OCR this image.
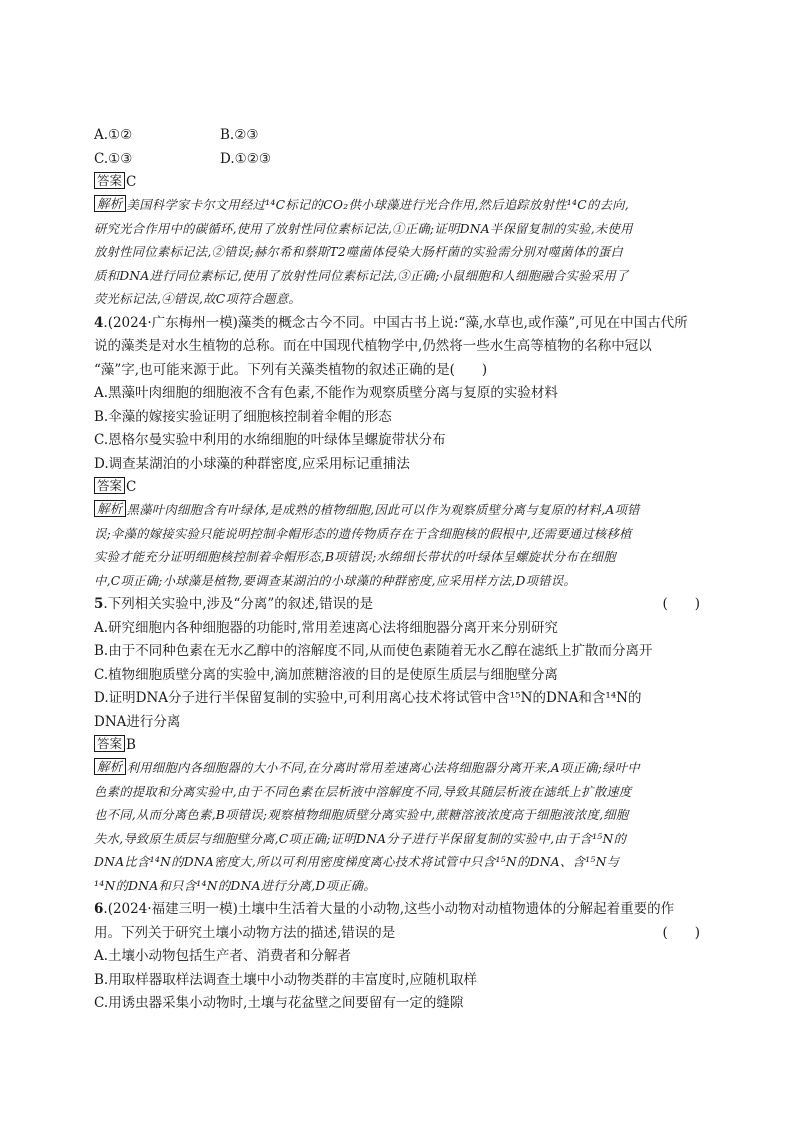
A.①②	B.②③
C.①③	D.①②③
答案 C
解析 美国科学家卡尔文用经过¹⁴C标记的CO₂供小球藻进行光合作用,然后追踪放射性¹⁴C的去向,
研究光合作用中的碳循环,使用了放射性同位素标记法,①正确;证明DNA半保留复制的实验,未使用
放射性同位素标记法,②错误;赫尔希和蔡斯T2噬菌体侵染大肠杆菌的实验需分别对噬菌体的蛋白
质和DNA进行同位素标记,使用了放射性同位素标记法,③正确;小鼠细胞和人细胞融合实验采用了
荧光标记法,④错误,故C项符合题意。
4.(2024·广东梅州一模)藻类的概念古今不同。中国古书上说:“藻,水草也,或作藻”,可见在中国古代所
说的藻类是对水生植物的总称。而在中国现代植物学中,仍然将一些水生高等植物的名称中冠以
“藻”字,也可能来源于此。下列有关藻类植物的叙述正确的是(　　)
A.黑藻叶肉细胞的细胞液不含有色素,不能作为观察质壁分离与复原的实验材料
B.伞藻的嫁接实验证明了细胞核控制着伞帽的形态
C.恩格尔曼实验中利用的水绵细胞的叶绿体呈螺旋带状分布
D.调查某湖泊的小球藻的种群密度,应采用标记重捕法
答案 C
解析 黑藻叶肉细胞含有叶绿体,是成熟的植物细胞,因此可以作为观察质壁分离与复原的材料,A项错
误;伞藻的嫁接实验只能说明控制伞帽形态的遗传物质存在于含细胞核的假根中,还需要通过核移植
实验才能充分证明细胞核控制着伞帽形态,B项错误;水绵细长带状的叶绿体呈螺旋状分布在细胞
中,C项正确;小球藻是植物,要调查某湖泊的小球藻的种群密度,应采用样方法,D项错误。
5.下列相关实验中,涉及“分离”的叙述,错误的是	(　　)
A.研究细胞内各种细胞器的功能时,常用差速离心法将细胞器分离开来分别研究
B.由于不同种色素在无水乙醇中的溶解度不同,从而使色素随着无水乙醇在滤纸上扩散而分离开
C.植物细胞质壁分离的实验中,滴加蔗糖溶液的目的是使原生质层与细胞壁分离
D.证明DNA分子进行半保留复制的实验中,可利用离心技术将试管中含¹⁵N的DNA和含¹⁴N的
DNA进行分离
答案 B
解析 利用细胞内各细胞器的大小不同,在分离时常用差速离心法将细胞器分离开来,A项正确;绿叶中
色素的提取和分离实验中,由于不同色素在层析液中溶解度不同,导致其随层析液在滤纸上扩散速度
也不同,从而分离色素,B项错误;观察植物细胞质壁分离实验中,蔗糖溶液浓度高于细胞液浓度,细胞
失水,导致原生质层与细胞壁分离,C项正确;证明DNA分子进行半保留复制的实验中,由于含¹⁵N的
DNA比含¹⁴N的DNA密度大,所以可利用密度梯度离心技术将试管中只含¹⁵N的DNA、含¹⁵N与
¹⁴N的DNA和只含¹⁴N的DNA进行分离,D项正确。
6.(2024·福建三明一模)土壤中生活着大量的小动物,这些小动物对动植物遗体的分解起着重要的作
用。下列关于研究土壤小动物方法的描述,错误的是	(　　)
A.土壤小动物包括生产者、消费者和分解者
B.用取样器取样法调查土壤中小动物类群的丰富度时,应随机取样
C.用诱虫器采集小动物时,土壤与花盆壁之间要留有一定的缝隙
